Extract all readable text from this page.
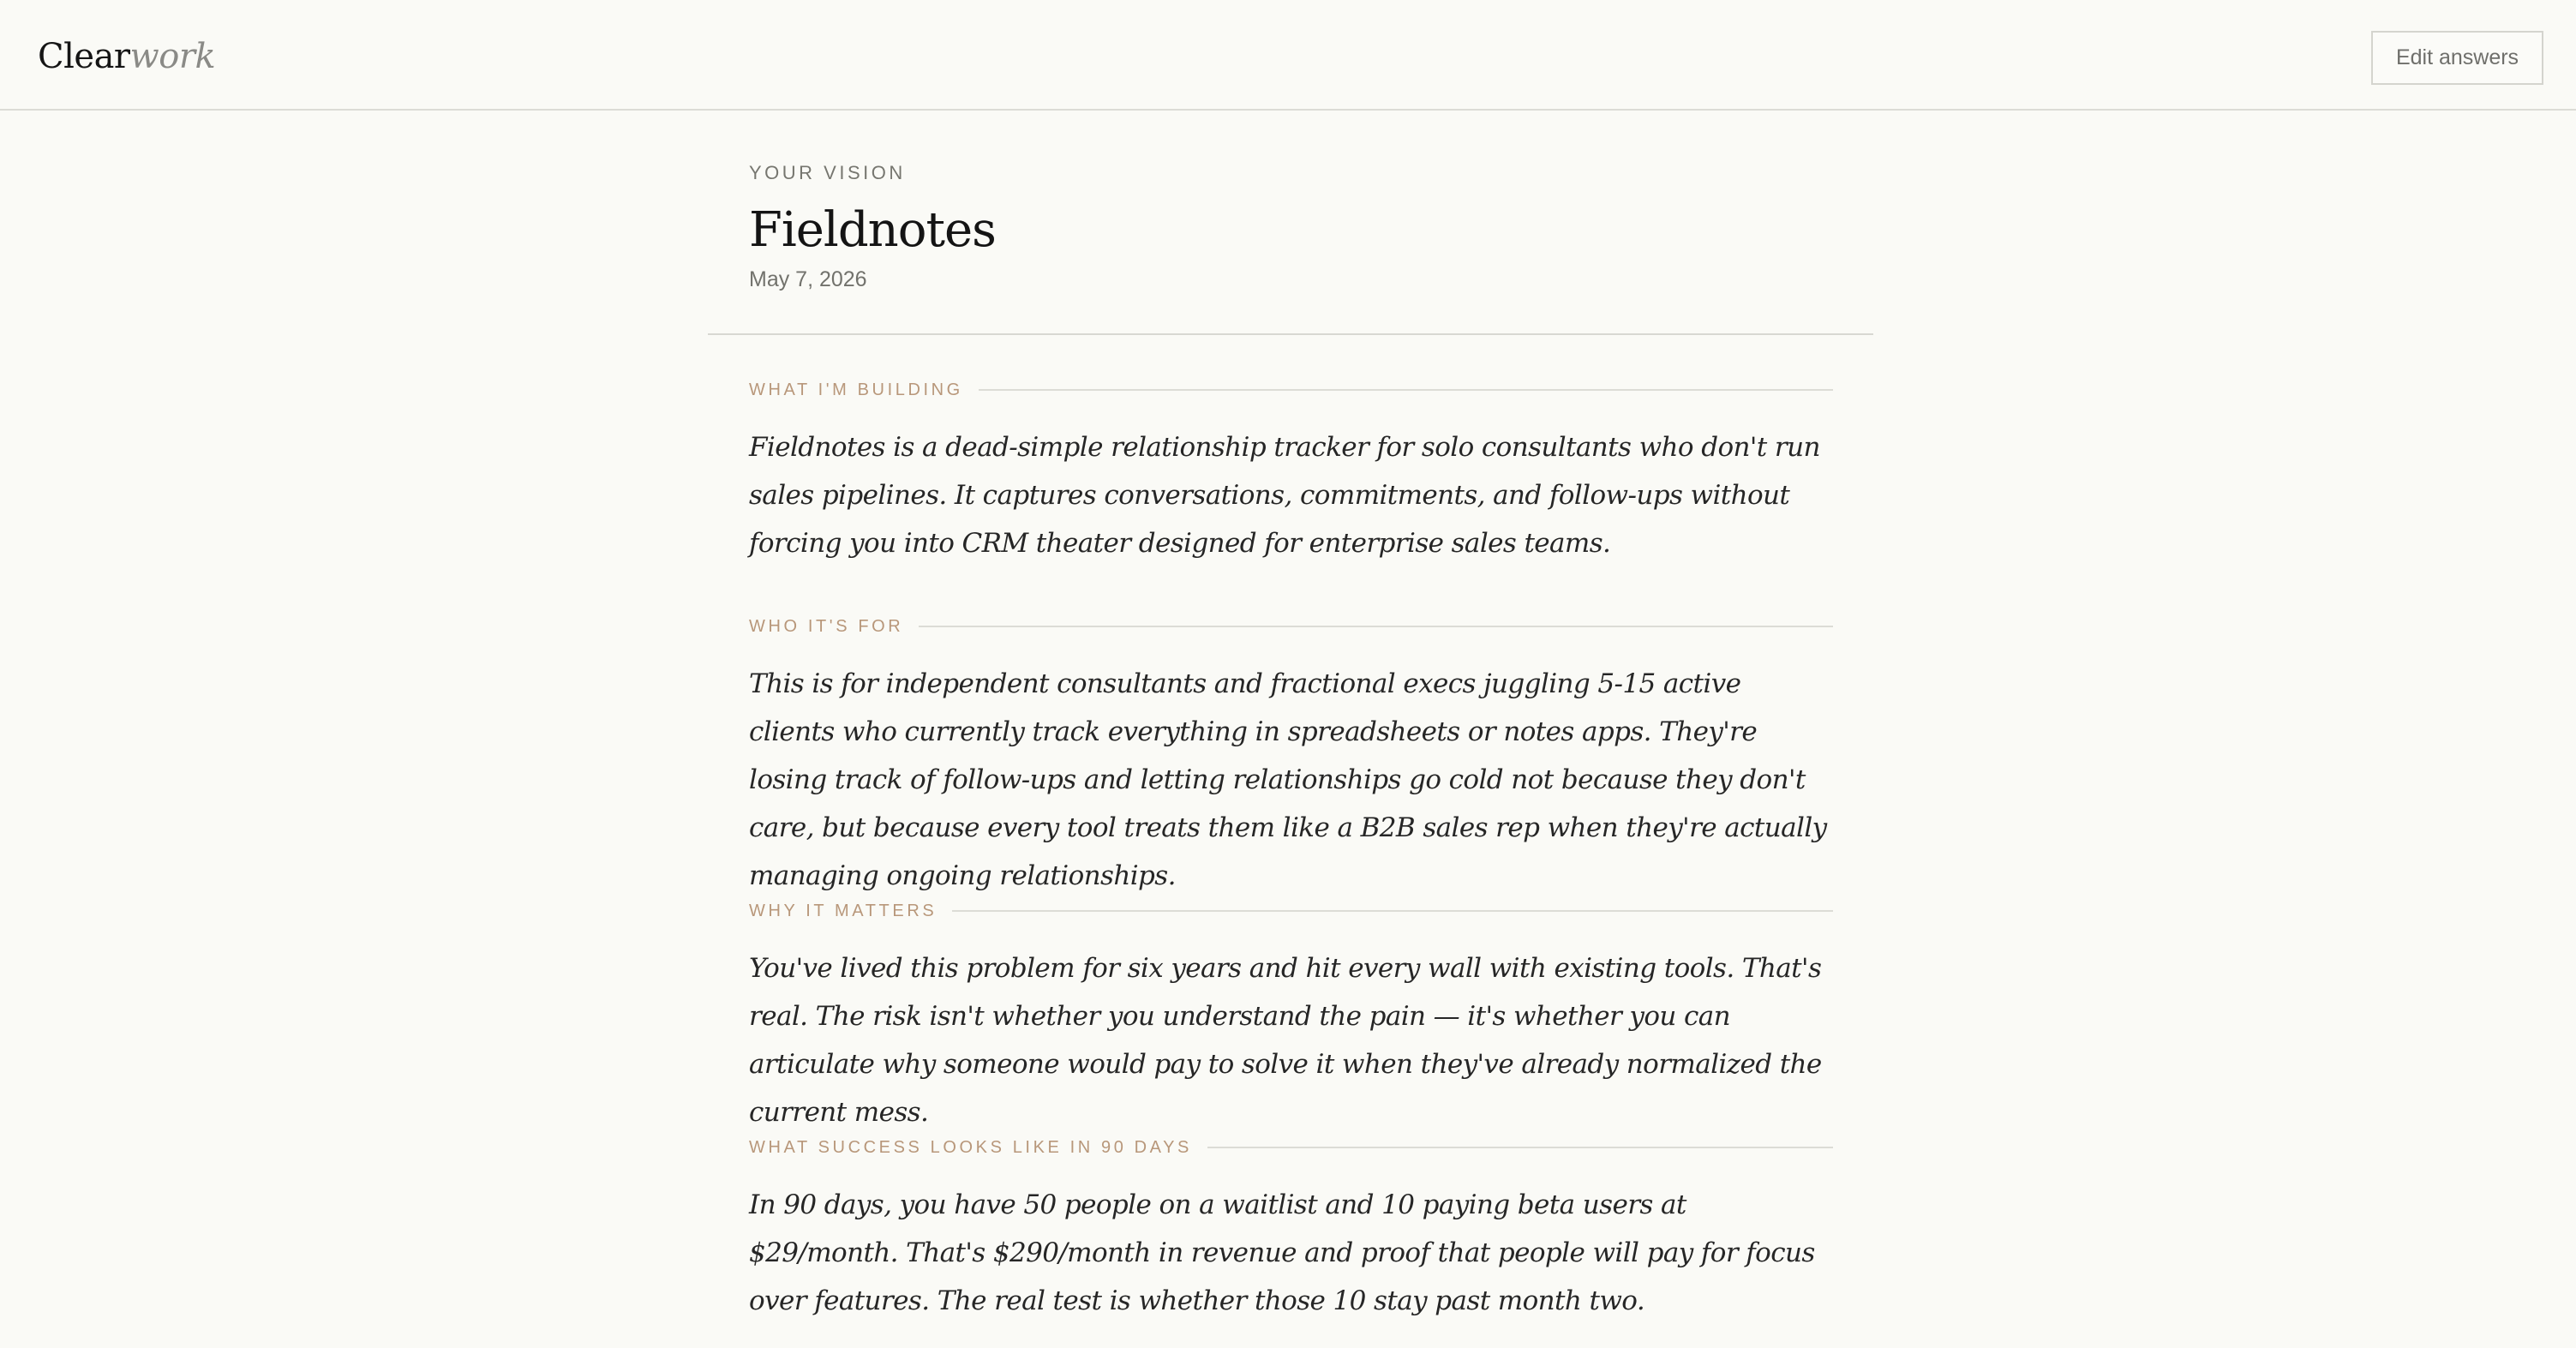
Clearwork	Edit answers
YOUR VISION
Fieldnotes
May 7, 2026
WHAT I'M BUILDING
Fieldnotes is a dead-simple relationship tracker for solo consultants who don't run sales pipelines. It captures conversations, commitments, and follow-ups without forcing you into CRM theater designed for enterprise sales teams.
WHO IT'S FOR
This is for independent consultants and fractional execs juggling 5-15 active clients who currently track everything in spreadsheets or notes apps. They're losing track of follow-ups and letting relationships go cold not because they don't care, but because every tool treats them like a B2B sales rep when they're actually managing ongoing relationships.
WHY IT MATTERS
You've lived this problem for six years and hit every wall with existing tools. That's real. The risk isn't whether you understand the pain — it's whether you can articulate why someone would pay to solve it when they've already normalized the current mess.
WHAT SUCCESS LOOKS LIKE IN 90 DAYS
In 90 days, you have 50 people on a waitlist and 10 paying beta users at $29/month. That's $290/month in revenue and proof that people will pay for focus over features. The real test is whether those 10 stay past month two.
